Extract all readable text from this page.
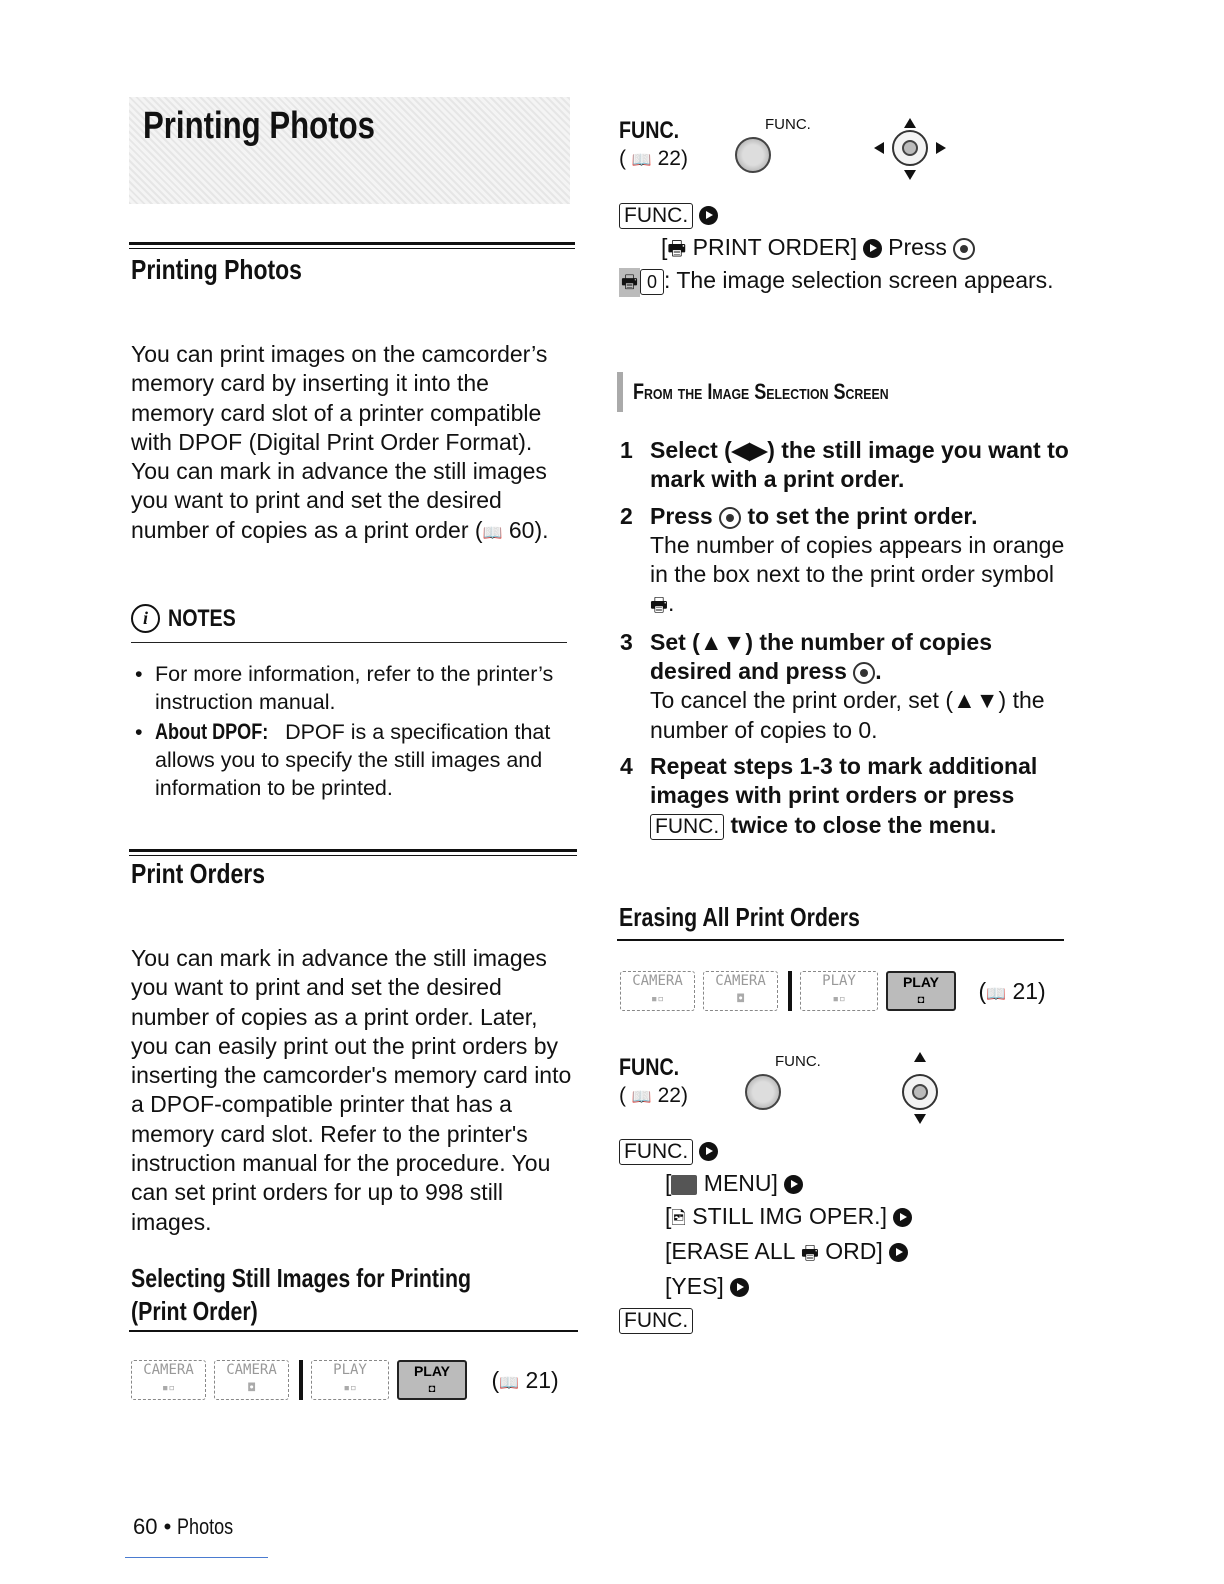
Printing Photos
Printing Photos
You can print images on the camcorder’s memory card by inserting it into the memory card slot of a printer compatible with DPOF (Digital Print Order Format). You can mark in advance the still images you want to print and set the desired number of copies as a print order (📖 60).
i NOTES
• For more information, refer to the printer’s instruction manual.
• About DPOF: DPOF is a specification that allows you to specify the still images and information to be printed.
Print Orders
You can mark in advance the still images you want to print and set the desired number of copies as a print order. Later, you can easily print out the print orders by inserting the camcorder's memory card into a DPOF-compatible printer that has a memory card slot. Refer to the printer's instruction manual for the procedure. You can set print orders for up to 998 still images.
Selecting Still Images for Printing
(Print Order)
CAMERA
▪▫
CAMERA
◘
PLAY
▪▫
PLAY
◘	(📖 21)
FUNC.
( 📖 22)
FUNC.
FUNC.
[🖶 PRINT ORDER] Press
🖶 0 : The image selection screen appears.
From the Image Selection Screen
1 Select (◀▶) the still image you want to mark with a print order.
2 Press  to set the print order.
The number of copies appears in orange in the box next to the print order symbol 🖶.
3 Set (▲▼) the number of copies desired and press .
To cancel the print order, set (▲▼) the number of copies to 0.
4 Repeat steps 1-3 to mark additional images with print orders or press FUNC. twice to close the menu.
Erasing All Print Orders
CAMERA
▪▫
CAMERA
◘
PLAY
▪▫
PLAY
◘	(📖 21)
FUNC.
( 📖 22)
FUNC.
FUNC.
[ MENU]
[🖻 STILL IMG OPER.]
[ERASE ALL 🖶 ORD]
[YES]
FUNC.
60 • Photos
